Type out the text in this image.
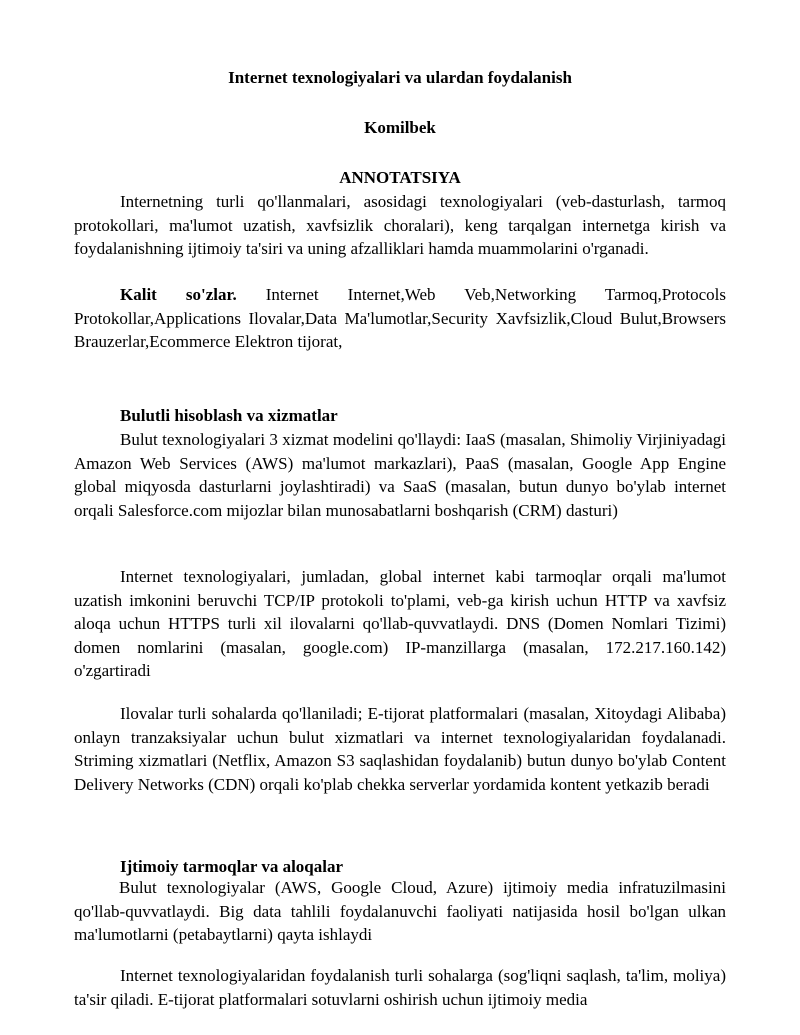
Internet texnologiyalari va ulardan foydalanish
Komilbek
ANNOTATSIYA

Internetning turli qo'llanmalari, asosidagi texnologiyalari (veb-dasturlash, tarmoq protokollari, ma'lumot uzatish, xavfsizlik choralari), keng tarqalgan internetga kirish va foydalanishning ijtimoiy ta'siri va uning afzalliklari hamda muammolarini o'rganadi.

Kalit so'zlar. Internet Internet,Web Veb,Networking Tarmoq,Protocols Protokollar,Applications Ilovalar,Data Ma'lumotlar,Security Xavfsizlik,Cloud Bulut,Browsers Brauzerlar,Ecommerce Elektron tijorat,

Bulutli hisoblash va xizmatlar

Bulut texnologiyalari 3 xizmat modelini qo'llaydi: IaaS (masalan, Shimoliy Virjiniyadagi Amazon Web Services (AWS) ma'lumot markazlari), PaaS (masalan, Google App Engine global miqyosda dasturlarni joylashtiradi) va SaaS (masalan, butun dunyo bo'ylab internet orqali Salesforce.com mijozlar bilan munosabatlarni boshqarish (CRM) dasturi)

Internet texnologiyalari, jumladan, global internet kabi tarmoqlar orqali ma'lumot uzatish imkonini beruvchi TCP/IP protokoli to'plami, veb-ga kirish uchun HTTP va xavfsiz aloqa uchun HTTPS turli xil ilovalarni qo'llab-quvvatlaydi. DNS (Domen Nomlari Tizimi) domen nomlarini (masalan, google.com) IP-manzillarga (masalan, 172.217.160.142) o'zgartiradi

Ilovalar turli sohalarda qo'llaniladi; E-tijorat platformalari (masalan, Xitoydagi Alibaba) onlayn tranzaksiyalar uchun bulut xizmatlari va internet texnologiyalaridan foydalanadi. Striming xizmatlari (Netflix, Amazon S3 saqlashidan foydalanib) butun dunyo bo'ylab Content Delivery Networks (CDN) orqali ko'plab chekka serverlar yordamida kontent yetkazib beradi

Ijtimoiy tarmoqlar va aloqalar

Bulut texnologiyalar (AWS, Google Cloud, Azure) ijtimoiy media infratuzilmasini qo'llab-quvvatlaydi. Big data tahlili foydalanuvchi faoliyati natijasida hosil bo'lgan ulkan ma'lumotlarni (petabaytlarni) qayta ishlaydi

Internet texnologiyalaridan foydalanish turli sohalarga (sog'liqni saqlash, ta'lim, moliya) ta'sir qiladi. E-tijorat platformalari sotuvlarni oshirish uchun ijtimoiy media
